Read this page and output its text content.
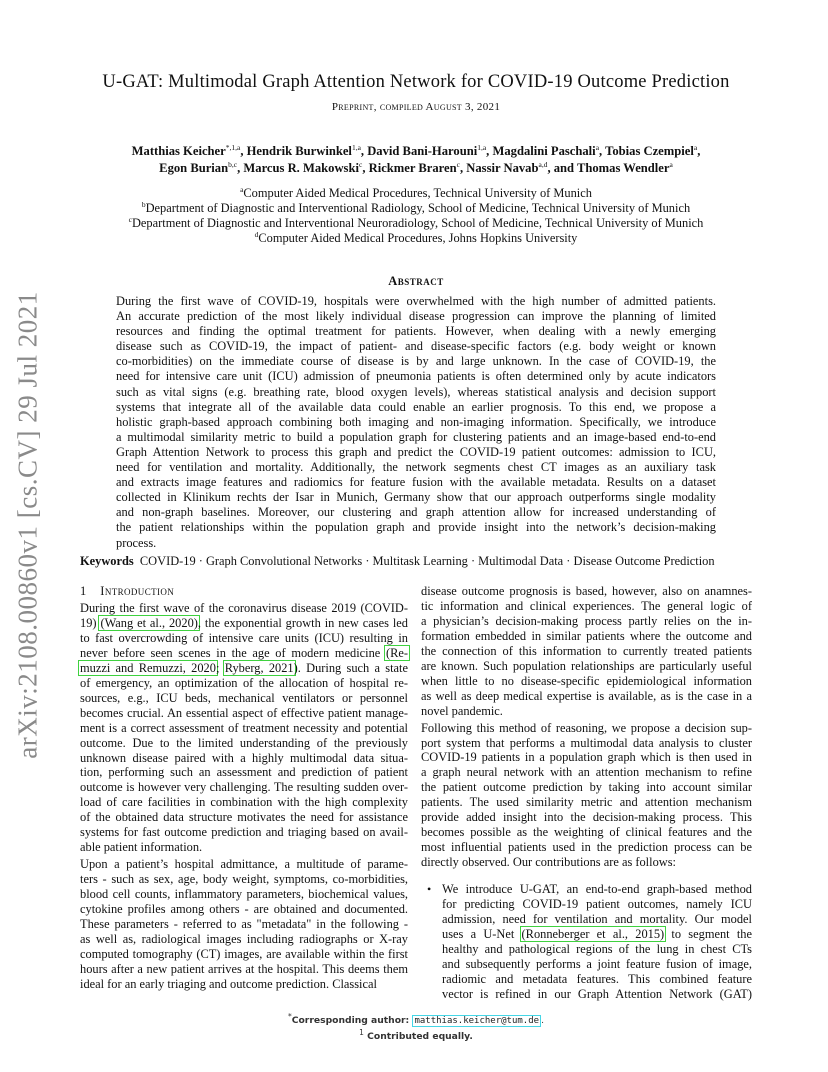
arXiv:2108.00860v1 [cs.CV] 29 Jul 2021
U-GAT: Multimodal Graph Attention Network for COVID-19 Outcome Prediction
Preprint, compiled August 3, 2021
Matthias Keicher$^{*,1,a}$, Hendrik Burwinkel$^{1,a}$, David Bani-Harouni$^{1,a}$, Magdalini Paschali$^a$, Tobias Czempiel$^a$,
Egon Burian$^{b,c}$, Marcus R. Makowski$^c$, Rickmer Braren$^c$, Nassir Navab$^{a,d}$, and Thomas Wendler$^a$
$^a$Computer Aided Medical Procedures, Technical University of Munich
$^b$Department of Diagnostic and Interventional Radiology, School of Medicine, Technical University of Munich
$^c$Department of Diagnostic and Interventional Neuroradiology, School of Medicine, Technical University of Munich
$^d$Computer Aided Medical Procedures, Johns Hopkins University
Abstract
During the first wave of COVID-19, hospitals were overwhelmed with the high number of admitted patients.
An accurate prediction of the most likely individual disease progression can improve the planning of limited
resources and finding the optimal treatment for patients. However, when dealing with a newly emerging
disease such as COVID-19, the impact of patient- and disease-specific factors (e.g. body weight or known
co-morbidities) on the immediate course of disease is by and large unknown. In the case of COVID-19, the
need for intensive care unit (ICU) admission of pneumonia patients is often determined only by acute indicators
such as vital signs (e.g. breathing rate, blood oxygen levels), whereas statistical analysis and decision support
systems that integrate all of the available data could enable an earlier prognosis. To this end, we propose a
holistic graph-based approach combining both imaging and non-imaging information. Specifically, we introduce
a multimodal similarity metric to build a population graph for clustering patients and an image-based end-to-end
Graph Attention Network to process this graph and predict the COVID-19 patient outcomes: admission to ICU,
need for ventilation and mortality. Additionally, the network segments chest CT images as an auxiliary task
and extracts image features and radiomics for feature fusion with the available metadata. Results on a dataset
collected in Klinikum rechts der Isar in Munich, Germany show that our approach outperforms single modality
and non-graph baselines. Moreover, our clustering and graph attention allow for increased understanding of
the patient relationships within the population graph and provide insight into the network’s decision-making
process.
Keywords COVID-19 · Graph Convolutional Networks · Multitask Learning · Multimodal Data · Disease Outcome Prediction
1 Introduction
During the first wave of the coronavirus disease 2019 (COVID-
19) (Wang et al., 2020), the exponential growth in new cases led
to fast overcrowding of intensive care units (ICU) resulting in
never before seen scenes in the age of modern medicine (Re-
muzzi and Remuzzi, 2020; Ryberg, 2021). During such a state
of emergency, an optimization of the allocation of hospital re-
sources, e.g., ICU beds, mechanical ventilators or personnel
becomes crucial. An essential aspect of effective patient manage-
ment is a correct assessment of treatment necessity and potential
outcome. Due to the limited understanding of the previously
unknown disease paired with a highly multimodal data situa-
tion, performing such an assessment and prediction of patient
outcome is however very challenging. The resulting sudden over-
load of care facilities in combination with the high complexity
of the obtained data structure motivates the need for assistance
systems for fast outcome prediction and triaging based on avail-
able patient information.
Upon a patient’s hospital admittance, a multitude of parame-
ters - such as sex, age, body weight, symptoms, co-morbidities,
blood cell counts, inflammatory parameters, biochemical values,
cytokine profiles among others - are obtained and documented.
These parameters - referred to as "metadata" in the following -
as well as, radiological images including radiographs or X-ray
computed tomography (CT) images, are available within the first
hours after a new patient arrives at the hospital. This deems them
ideal for an early triaging and outcome prediction. Classical
disease outcome prognosis is based, however, also on anamnes-
tic information and clinical experiences. The general logic of
a physician’s decision-making process partly relies on the in-
formation embedded in similar patients where the outcome and
the connection of this information to currently treated patients
are known. Such population relationships are particularly useful
when little to no disease-specific epidemiological information
as well as deep medical expertise is available, as is the case in a
novel pandemic.
Following this method of reasoning, we propose a decision sup-
port system that performs a multimodal data analysis to cluster
COVID-19 patients in a population graph which is then used in
a graph neural network with an attention mechanism to refine
the patient outcome prediction by taking into account similar
patients. The used similarity metric and attention mechanism
provide added insight into the decision-making process. This
becomes possible as the weighting of clinical features and the
most influential patients used in the prediction process can be
directly observed. Our contributions are as follows:
• We introduce U-GAT, an end-to-end graph-based method
for predicting COVID-19 patient outcomes, namely ICU
admission, need for ventilation and mortality. Our model
uses a U-Net (Ronneberger et al., 2015) to segment the
healthy and pathological regions of the lung in chest CTs
and subsequently performs a joint feature fusion of image,
radiomic and metadata features. This combined feature
vector is refined in our Graph Attention Network (GAT)
*Corresponding author: matthias.keicher@tum.de .
$^1$ Contributed equally.
